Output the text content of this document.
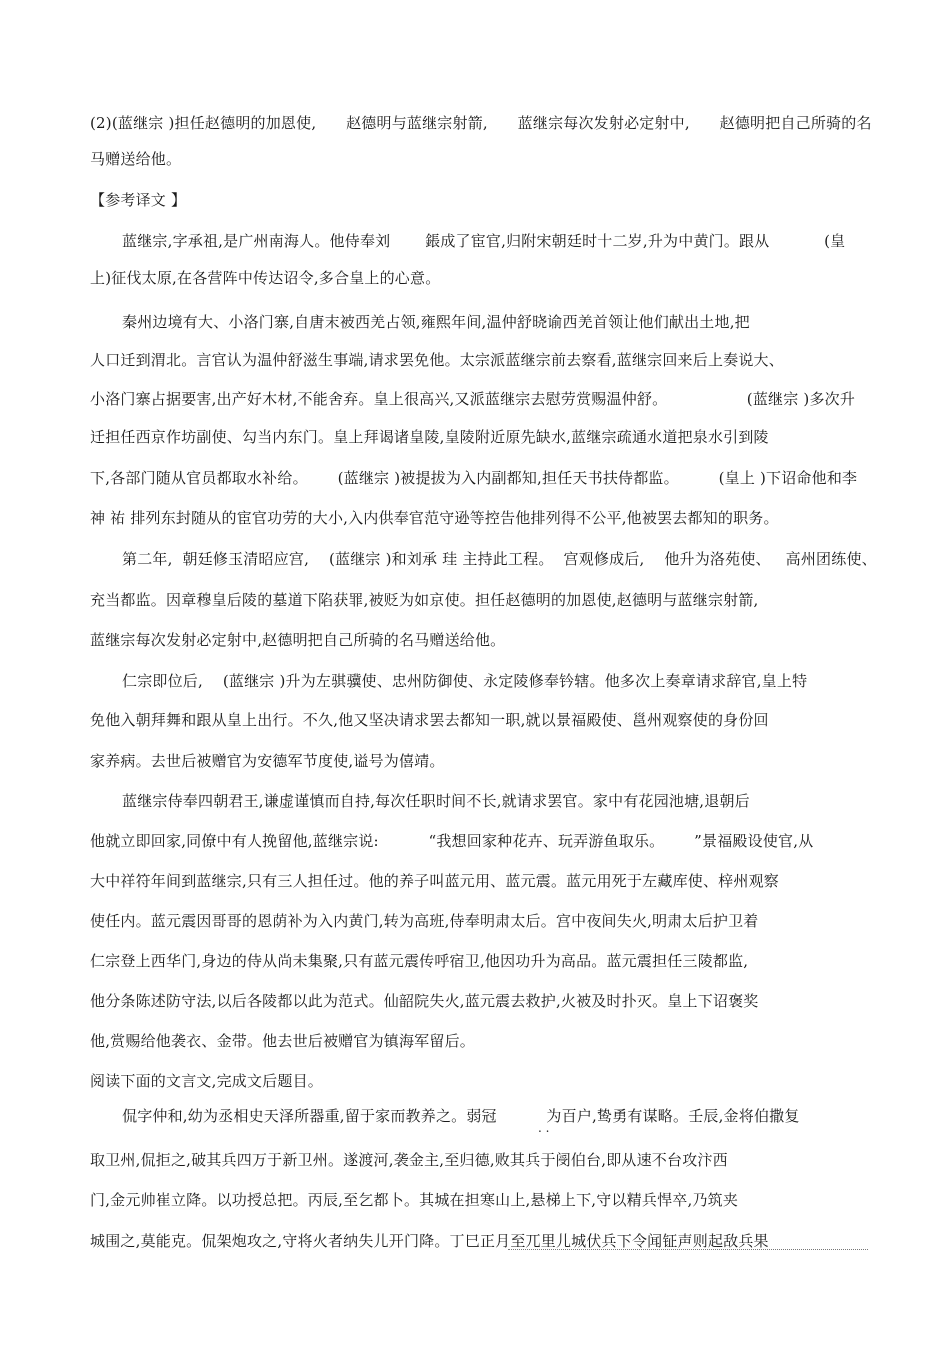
(2)(蓝继宗 )担任赵德明的加恩使,      赵德明与蓝继宗射箭,      蓝继宗每次发射必定射中,      赵德明把自己所骑的名
马赠送给他。
【参考译文 】
蓝继宗,字承祖,是广州南海人。他侍奉刘       鋹成了宦官,归附宋朝廷时十二岁,升为中黄门。跟从           (皇
上)征伐太原,在各营阵中传达诏令,多合皇上的心意。
秦州边境有大、小洛门寨,自唐末被西羌占领,雍熙年间,温仲舒晓谕西羌首领让他们献出土地,把
人口迁到渭北。言官认为温仲舒滋生事端,请求罢免他。太宗派蓝继宗前去察看,蓝继宗回来后上奏说大、
小洛门寨占据要害,出产好木材,不能舍弃。皇上很高兴,又派蓝继宗去慰劳赏赐温仲舒。                (蓝继宗 )多次升
迁担任西京作坊副使、勾当内东门。皇上拜谒诸皇陵,皇陵附近原先缺水,蓝继宗疏通水道把泉水引到陵
下,各部门随从官员都取水补给。      (蓝继宗 )被提拔为入内副都知,担任天书扶侍都监。        (皇上 )下诏命他和李
神 祐 排列东封随从的宦官功劳的大小,入内供奉官范守逊等控告他排列得不公平,他被罢去都知的职务。
第二年,  朝廷修玉清昭应宫,    (蓝继宗 )和刘承 珪 主持此工程。  宫观修成后,    他升为洛苑使、   高州团练使、
充当都监。因章穆皇后陵的墓道下陷获罪,被贬为如京使。担任赵德明的加恩使,赵德明与蓝继宗射箭,
蓝继宗每次发射必定射中,赵德明把自己所骑的名马赠送给他。
仁宗即位后,    (蓝继宗 )升为左骐骥使、忠州防御使、永定陵修奉钤辖。他多次上奏章请求辞官,皇上特
免他入朝拜舞和跟从皇上出行。不久,他又坚决请求罢去都知一职,就以景福殿使、邕州观察使的身份回
家养病。去世后被赠官为安德军节度使,谥号为僖靖。
蓝继宗侍奉四朝君王,谦虚谨慎而自持,每次任职时间不长,就请求罢官。家中有花园池塘,退朝后
他就立即回家,同僚中有人挽留他,蓝继宗说:          “我想回家种花卉、玩弄游鱼取乐。      ”景福殿设使官,从
大中祥符年间到蓝继宗,只有三人担任过。他的养子叫蓝元用、蓝元震。蓝元用死于左藏库使、梓州观察
使任内。蓝元震因哥哥的恩荫补为入内黄门,转为高班,侍奉明肃太后。宫中夜间失火,明肃太后护卫着
仁宗登上西华门,身边的侍从尚未集聚,只有蓝元震传呼宿卫,他因功升为高品。蓝元震担任三陵都监,
他分条陈述防守法,以后各陵都以此为范式。仙韶院失火,蓝元震去救护,火被及时扑灭。皇上下诏褒奖
他,赏赐给他袭衣、金带。他去世后被赠官为镇海军留后。
阅读下面的文言文,完成文后题目。
侃字仲和,幼为丞相史天泽所器重,留于家而教养之。弱冠          为百户,鸷勇有谋略。壬辰,金将伯撒复
. .
取卫州,侃拒之,破其兵四万于新卫州。遂渡河,袭金主,至归德,败其兵于阌伯台,即从速不台攻汴西
门,金元帅崔立降。以功授总把。丙辰,至乞都卜。其城在担寒山上,悬梯上下,守以精兵悍卒,乃筑夹
城围之,莫能克。侃架炮攻之,守将火者纳失儿开门降。丁巳正月至兀里儿城伏兵下令闻钲声则起敌兵果
